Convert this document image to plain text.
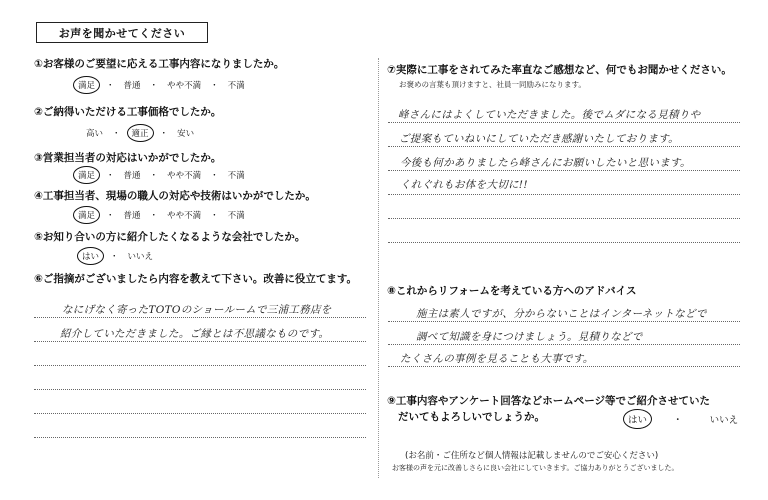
お声を聞かせてください
①お客様のご要望に応える工事内容になりましたか。
満足	・	普通	・	やや不満	・	不満
②ご納得いただける工事価格でしたか。
高い	・	適正	・	安い
③営業担当者の対応はいかがでしたか。
満足	・	普通	・	やや不満	・	不満
④工事担当者、現場の職人の対応や技術はいかがでしたか。
満足	・	普通	・	やや不満	・	不満
⑤お知り合いの方に紹介したくなるような会社でしたか。
はい	・	いいえ
⑥ご指摘がございましたら内容を教えて下さい。改善に役立てます。
なにげなく寄ったTOTOのショールームで三浦工務店を
紹介していただきました。ご縁とは不思議なものです。
⑦実際に工事をされてみた率直なご感想など、何でもお聞かせください。
お褒めの言葉も頂けますと、社員一同励みになります。
峰さんにはよくしていただきました。後でムダになる見積りや
ご提案もていねいにしていただき感謝いたしております。
今後も何かありましたら峰さんにお願いしたいと思います。
くれぐれもお体を大切に!!
⑧これからリフォームを考えている方へのアドバイス
施主は素人ですが、分からないことはインターネットなどで
調べて知識を身につけましょう。見積りなどで
たくさんの事例を見ることも大事です。
⑨工事内容やアンケート回答などホームページ等でご紹介させていた
だいてもよろしいでしょうか。	はい	・	いいえ
(お名前・ご住所など個人情報は記載しませんのでご安心ください)
お客様の声を元に改善しさらに良い会社にしていきます。ご協力ありがとうございました。
